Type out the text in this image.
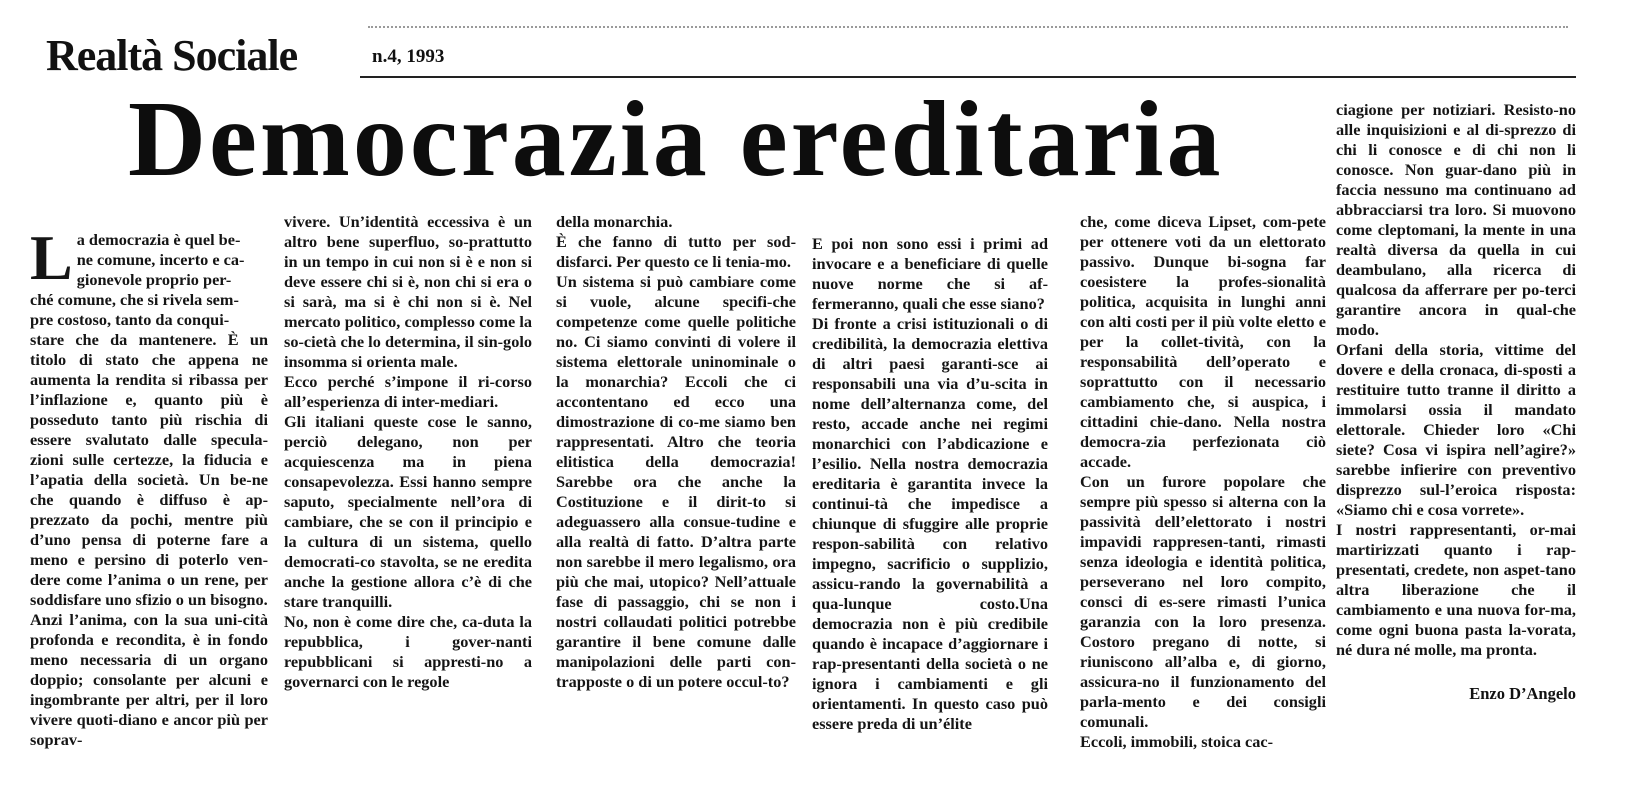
Realtà Sociale	n.4, 1993
Democrazia ereditaria

La democrazia è quel be-
ne comune, incerto e ca-
gionevole proprio per-
ché comune, che si rivela sem-
pre costoso, tanto da conqui-
stare che da mantenere. È un titolo di stato che appena ne aumenta la rendita si ribassa per l’inflazione e, quanto più è posseduto tanto più rischia di essere svalutato dalle specula-zioni sulle certezze, la fiducia e l’apatia della società. Un be-ne che quando è diffuso è ap-prezzato da pochi, mentre più d’uno pensa di poterne fare a meno e persino di poterlo ven-dere come l’anima o un rene, per soddisfare uno sfizio o un bisogno.
Anzi l’anima, con la sua uni-cità profonda e recondita, è in fondo meno necessaria di un organo doppio; consolante per alcuni e ingombrante per altri, per il loro vivere quoti-diano e ancor più per soprav-

vivere. Un’identità eccessiva è un altro bene superfluo, so-prattutto in un tempo in cui non si è e non si deve essere chi si è, non chi si era o si sarà, ma si è chi non si è. Nel mercato politico, complesso come la so-cietà che lo determina, il sin-golo insomma si orienta male.
Ecco perché s’impone il ri-corso all’esperienza di inter-mediari.
Gli italiani queste cose le sanno, perciò delegano, non per acquiescenza ma in piena consapevolezza. Essi hanno sempre saputo, specialmente nell’ora di cambiare, che se con il principio e la cultura di un sistema, quello democrati-co stavolta, se ne eredita anche la gestione allora c’è di che stare tranquilli.
No, non è come dire che, ca-duta la repubblica, i gover-nanti repubblicani si appresti-no a governarci con le regole
della monarchia.
È che fanno di tutto per sod-disfarci. Per questo ce li tenia-mo.
Un sistema si può cambiare come si vuole, alcune specifi-che competenze come quelle politiche no. Ci siamo convinti di volere il sistema elettorale uninominale o la monarchia? Eccoli che ci accontentano ed ecco una dimostrazione di co-me siamo ben rappresentati. Altro che teoria elitistica della democrazia! Sarebbe ora che anche la Costituzione e il dirit-to si adeguassero alla consue-tudine e alla realtà di fatto. D’altra parte non sarebbe il mero legalismo, ora più che mai, utopico? Nell’attuale fase di passaggio, chi se non i nostri collaudati politici potrebbe garantire il bene comune dalle manipolazioni delle parti con-trapposte o di un potere occul-to?
E poi non sono essi i primi ad invocare e a beneficiare di quelle nuove norme che si af-fermeranno, quali che esse siano?
Di fronte a crisi istituzionali o di credibilità, la democrazia elettiva di altri paesi garanti-sce ai responsabili una via d’u-scita in nome dell’alternanza come, del resto, accade anche nei regimi monarchici con l’abdicazione e l’esilio. Nella nostra democrazia ereditaria è garantita invece la continui-tà che impedisce a chiunque di sfuggire alle proprie respon-sabilità con relativo impegno, sacrificio o supplizio, assicu-rando la governabilità a qua-lunque costo.Una democrazia non è più credibile quando è incapace d’aggiornare i rap-presentanti della società o ne ignora i cambiamenti e gli orientamenti. In questo caso può essere preda di un’élite
che, come diceva Lipset, com-pete per ottenere voti da un elettorato passivo. Dunque bi-sogna far coesistere la profes-sionalità politica, acquisita in lunghi anni con alti costi per il più volte eletto e per la collet-tività, con la responsabilità dell’operato e soprattutto con il necessario cambiamento che, si auspica, i cittadini chie-dano. Nella nostra democra-zia perfezionata ciò accade.
Con un furore popolare che sempre più spesso si alterna con la passività dell’elettorato i nostri impavidi rappresen-tanti, rimasti senza ideologia e identità politica, perseverano nel loro compito, consci di es-sere rimasti l’unica garanzia con la loro presenza. Costoro pregano di notte, si riuniscono all’alba e, di giorno, assicura-no il funzionamento del parla-mento e dei consigli comunali.
Eccoli, immobili, stoica cac-
ciagione per notiziari. Resisto-no alle inquisizioni e al di-sprezzo di chi li conosce e di chi non li conosce. Non guar-dano più in faccia nessuno ma continuano ad abbracciarsi tra loro. Si muovono come cleptomani, la mente in una realtà diversa da quella in cui deambulano, alla ricerca di qualcosa da afferrare per po-terci garantire ancora in qual-che modo.
Orfani della storia, vittime del dovere e della cronaca, di-sposti a restituire tutto tranne il diritto a immolarsi ossia il mandato elettorale. Chieder loro «Chi siete? Cosa vi ispira nell’agire?» sarebbe infierire con preventivo disprezzo sul-l’eroica risposta: «Siamo chi e cosa vorrete».
I nostri rappresentanti, or-mai martirizzati quanto i rap-presentati, credete, non aspet-tano altra liberazione che il cambiamento e una nuova for-ma, come ogni buona pasta la-vorata, né dura né molle, ma pronta.
Enzo D’Angelo
